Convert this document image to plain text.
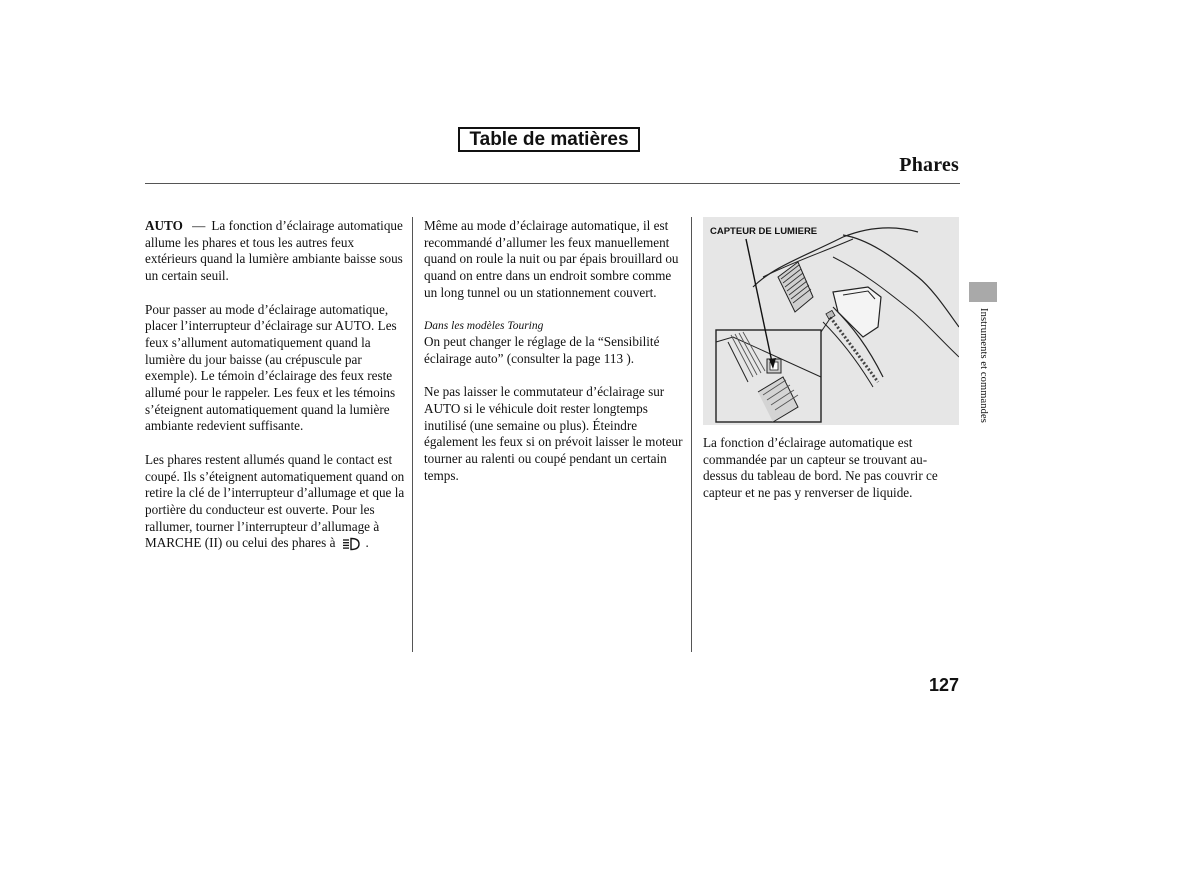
Table de matières
Phares

AUTO — La fonction d’éclairage automatique allume les phares et tous les autres feux extérieurs quand la lumière ambiante baisse sous un certain seuil.

Pour passer au mode d’éclairage automatique, placer l’interrupteur d’éclairage sur AUTO. Les feux s’allument automatiquement quand la lumière du jour baisse (au crépuscule par exemple). Le témoin d’éclairage des feux reste allumé pour le rappeler. Les feux et les témoins s’éteignent automatiquement quand la lumière ambiante redevient suffisante.

Les phares restent allumés quand le contact est coupé. Ils s’éteignent automatiquement quand on retire la clé de l’interrupteur d’allumage et que la portière du conducteur est ouverte. Pour les rallumer, tourner l’interrupteur d’allumage à MARCHE (II) ou celui des phares à .

Même au mode d’éclairage automatique, il est recommandé d’allumer les feux manuellement quand on roule la nuit ou par épais brouillard ou quand on entre dans un endroit sombre comme un long tunnel ou un stationnement couvert.

Dans les modèles Touring

On peut changer le réglage de la “Sensibilité éclairage auto” (consulter la page 113 ).

Ne pas laisser le commutateur d’éclairage sur AUTO si le véhicule doit rester longtemps inutilisé (une semaine ou plus). Éteindre également les feux si on prévoit laisser le moteur tourner au ralenti ou coupé pendant un certain temps.

CAPTEUR DE LUMIERE

La fonction d’éclairage automatique est commandée par un capteur se trouvant au-dessus du tableau de bord. Ne pas couvrir ce capteur et ne pas y renverser de liquide.

Instruments et commandes
127
